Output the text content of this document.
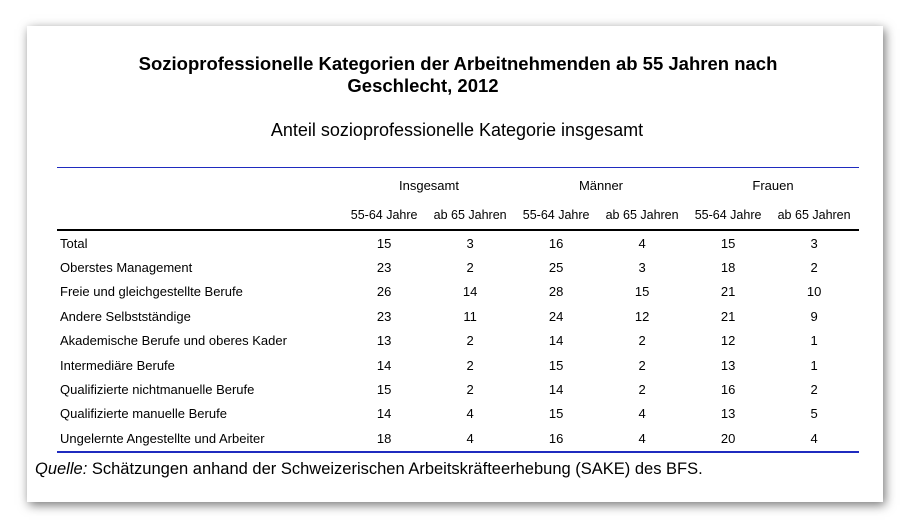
Sozioprofessionelle Kategorien der Arbeitnehmenden ab 55 Jahren nach
Geschlecht, 2012
Anteil sozioprofessionelle Kategorie insgesamt
	Insgesamt		Männer		Frauen	
	55-64 Jahre	ab 65 Jahren	55-64 Jahre	ab 65 Jahren	55-64 Jahre	ab 65 Jahren
Total	15	3	16	4	15	3
Oberstes Management	23	2	25	3	18	2
Freie und gleichgestellte Berufe	26	14	28	15	21	10
Andere Selbstständige	23	11	24	12	21	9
Akademische Berufe und oberes Kader	13	2	14	2	12	1
Intermediäre Berufe	14	2	15	2	13	1
Qualifizierte nichtmanuelle Berufe	15	2	14	2	16	2
Qualifizierte manuelle Berufe	14	4	15	4	13	5
Ungelernte Angestellte und Arbeiter	18	4	16	4	20	4
Quelle: Schätzungen anhand der Schweizerischen Arbeitskräfteerhebung (SAKE) des BFS.
